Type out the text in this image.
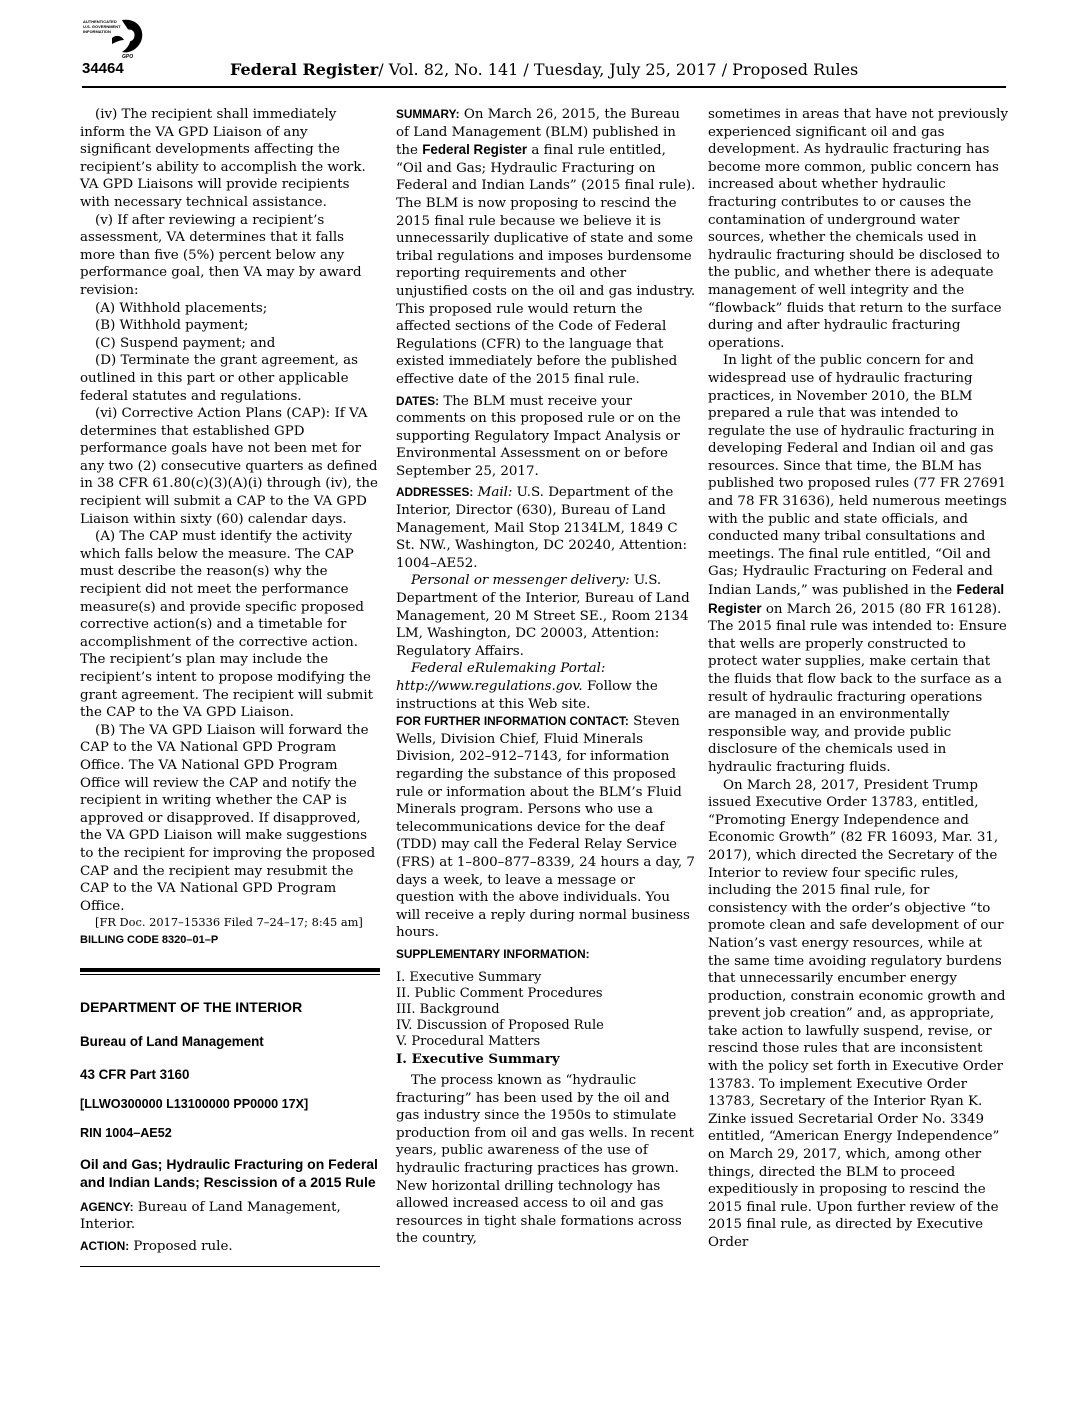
AUTHENTICATED
U.S. GOVERNMENT
INFORMATION
GPO
34464	Federal Register/ Vol. 82, No. 141 / Tuesday, July 25, 2017 / Proposed Rules

(iv) The recipient shall immediately inform the VA GPD Liaison of any significant developments affecting the recipient’s ability to accomplish the work. VA GPD Liaisons will provide recipients with necessary technical assistance.

(v) If after reviewing a recipient’s assessment, VA determines that it falls more than five (5%) percent below any performance goal, then VA may by award revision:

(A) Withhold placements;

(B) Withhold payment;

(C) Suspend payment; and

(D) Terminate the grant agreement, as outlined in this part or other applicable federal statutes and regulations.

(vi) Corrective Action Plans (CAP): If VA determines that established GPD performance goals have not been met for any two (2) consecutive quarters as defined in 38 CFR 61.80(c)(3)(A)(i) through (iv), the recipient will submit a CAP to the VA GPD Liaison within sixty (60) calendar days.

(A) The CAP must identify the activity which falls below the measure. The CAP must describe the reason(s) why the recipient did not meet the performance measure(s) and provide specific proposed corrective action(s) and a timetable for accomplishment of the corrective action. The recipient’s plan may include the recipient’s intent to propose modifying the grant agreement. The recipient will submit the CAP to the VA GPD Liaison.

(B) The VA GPD Liaison will forward the CAP to the VA National GPD Program Office. The VA National GPD Program Office will review the CAP and notify the recipient in writing whether the CAP is approved or disapproved. If disapproved, the VA GPD Liaison will make suggestions to the recipient for improving the proposed CAP and the recipient may resubmit the CAP to the VA National GPD Program Office.

[FR Doc. 2017–15336 Filed 7–24–17; 8:45 am]

BILLING CODE 8320–01–P
DEPARTMENT OF THE INTERIOR
Bureau of Land Management
43 CFR Part 3160
[LLWO300000 L13100000 PP0000 17X]
RIN 1004–AE52
Oil and Gas; Hydraulic Fracturing on Federal and Indian Lands; Rescission of a 2015 Rule

AGENCY: Bureau of Land Management, Interior.

ACTION: Proposed rule.

SUMMARY: On March 26, 2015, the Bureau of Land Management (BLM) published in the Federal Register a final rule entitled, “Oil and Gas; Hydraulic Fracturing on Federal and Indian Lands” (2015 final rule). The BLM is now proposing to rescind the 2015 final rule because we believe it is unnecessarily duplicative of state and some tribal regulations and imposes burdensome reporting requirements and other unjustified costs on the oil and gas industry. This proposed rule would return the affected sections of the Code of Federal Regulations (CFR) to the language that existed immediately before the published effective date of the 2015 final rule.

DATES: The BLM must receive your comments on this proposed rule or on the supporting Regulatory Impact Analysis or Environmental Assessment on or before September 25, 2017.

ADDRESSES: Mail: U.S. Department of the Interior, Director (630), Bureau of Land Management, Mail Stop 2134LM, 1849 C St. NW., Washington, DC 20240, Attention: 1004–AE52.

Personal or messenger delivery: U.S. Department of the Interior, Bureau of Land Management, 20 M Street SE., Room 2134 LM, Washington, DC 20003, Attention: Regulatory Affairs.

Federal eRulemaking Portal: http://www.regulations.gov. Follow the instructions at this Web site.

FOR FURTHER INFORMATION CONTACT: Steven Wells, Division Chief, Fluid Minerals Division, 202–912–7143, for information regarding the substance of this proposed rule or information about the BLM’s Fluid Minerals program. Persons who use a telecommunications device for the deaf (TDD) may call the Federal Relay Service (FRS) at 1–800–877–8339, 24 hours a day, 7 days a week, to leave a message or question with the above individuals. You will receive a reply during normal business hours.

SUPPLEMENTARY INFORMATION:

I. Executive Summary
II. Public Comment Procedures
III. Background
IV. Discussion of Proposed Rule
V. Procedural Matters

I. Executive Summary

The process known as “hydraulic fracturing” has been used by the oil and gas industry since the 1950s to stimulate production from oil and gas wells. In recent years, public awareness of the use of hydraulic fracturing practices has grown. New horizontal drilling technology has allowed increased access to oil and gas resources in tight shale formations across the country,

sometimes in areas that have not previously experienced significant oil and gas development. As hydraulic fracturing has become more common, public concern has increased about whether hydraulic fracturing contributes to or causes the contamination of underground water sources, whether the chemicals used in hydraulic fracturing should be disclosed to the public, and whether there is adequate management of well integrity and the “flowback” fluids that return to the surface during and after hydraulic fracturing operations.

In light of the public concern for and widespread use of hydraulic fracturing practices, in November 2010, the BLM prepared a rule that was intended to regulate the use of hydraulic fracturing in developing Federal and Indian oil and gas resources. Since that time, the BLM has published two proposed rules (77 FR 27691 and 78 FR 31636), held numerous meetings with the public and state officials, and conducted many tribal consultations and meetings. The final rule entitled, “Oil and Gas; Hydraulic Fracturing on Federal and Indian Lands,” was published in the Federal Register on March 26, 2015 (80 FR 16128). The 2015 final rule was intended to: Ensure that wells are properly constructed to protect water supplies, make certain that the fluids that flow back to the surface as a result of hydraulic fracturing operations are managed in an environmentally responsible way, and provide public disclosure of the chemicals used in hydraulic fracturing fluids.

On March 28, 2017, President Trump issued Executive Order 13783, entitled, “Promoting Energy Independence and Economic Growth” (82 FR 16093, Mar. 31, 2017), which directed the Secretary of the Interior to review four specific rules, including the 2015 final rule, for consistency with the order’s objective “to promote clean and safe development of our Nation’s vast energy resources, while at the same time avoiding regulatory burdens that unnecessarily encumber energy production, constrain economic growth and prevent job creation” and, as appropriate, take action to lawfully suspend, revise, or rescind those rules that are inconsistent with the policy set forth in Executive Order 13783. To implement Executive Order 13783, Secretary of the Interior Ryan K. Zinke issued Secretarial Order No. 3349 entitled, “American Energy Independence” on March 29, 2017, which, among other things, directed the BLM to proceed expeditiously in proposing to rescind the 2015 final rule. Upon further review of the 2015 final rule, as directed by Executive Order
